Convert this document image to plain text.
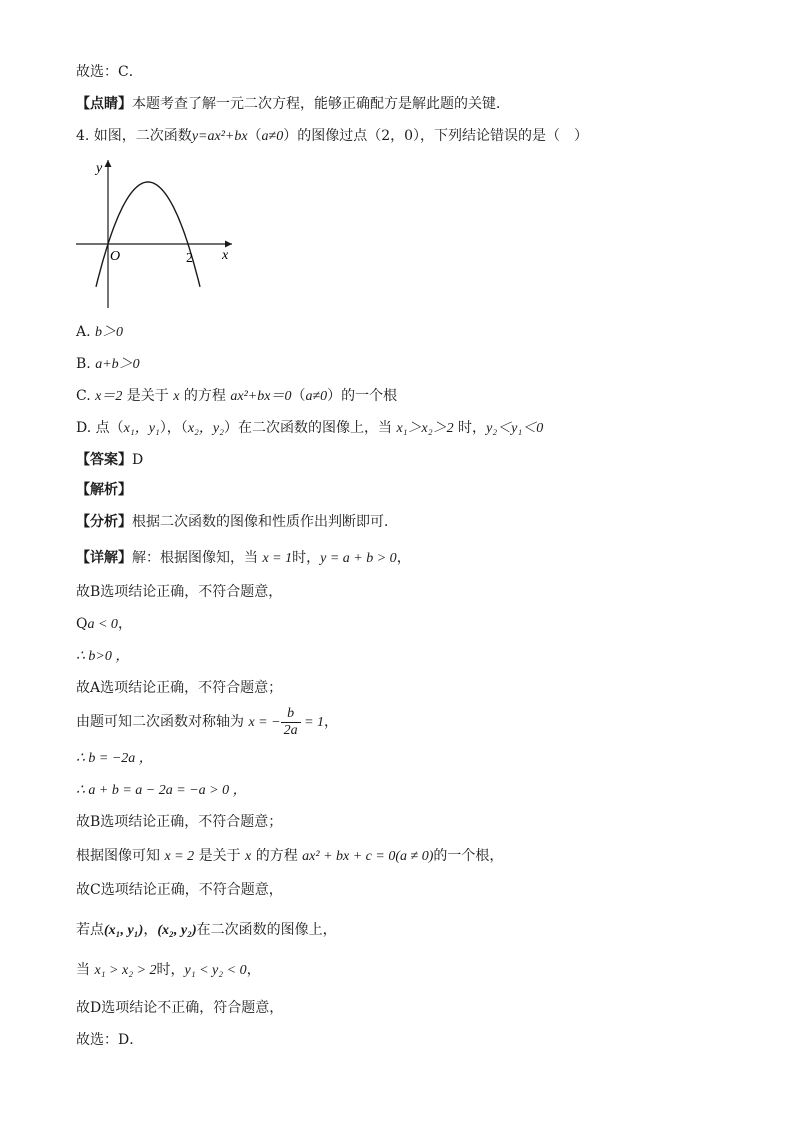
故选：C．
【点睛】本题考查了解一元二次方程，能够正确配方是解此题的关键．
4. 如图，二次函数y=ax²+bx（a≠0）的图像过点（2，0），下列结论错误的是（　）
y
x
O	2
A. b＞0
B. a+b＞0
C. x＝2 是关于 x 的方程 ax²+bx＝0（a≠0）的一个根
D. 点（x₁，y₁），（x₂，y₂）在二次函数的图像上，当 x₁＞x₂＞2 时，y₂＜y₁＜0
【答案】D
【解析】
【分析】根据二次函数的图像和性质作出判断即可．
【详解】解：根据图像知，当 x = 1时，y = a + b > 0，
故B选项结论正确，不符合题意，
Qa < 0，
∴ b>0 ，
故A选项结论正确，不符合题意；
由题可知二次函数对称轴为 x = − $\frac{b}{2a} = 1$，
∴ b = −2a ，
∴ a + b = a − 2a = −a > 0 ，
故B选项结论正确，不符合题意；
根据图像可知 x = 2 是关于 x 的方程 ax² + bx + c = 0(a ≠ 0)的一个根，
故C选项结论正确，不符合题意，
若点(x₁, y₁)，(x₂, y₂)在二次函数的图像上，
当 x₁ > x₂ > 2时，y₁ < y₂ < 0，
故D选项结论不正确，符合题意，
故选：D．
